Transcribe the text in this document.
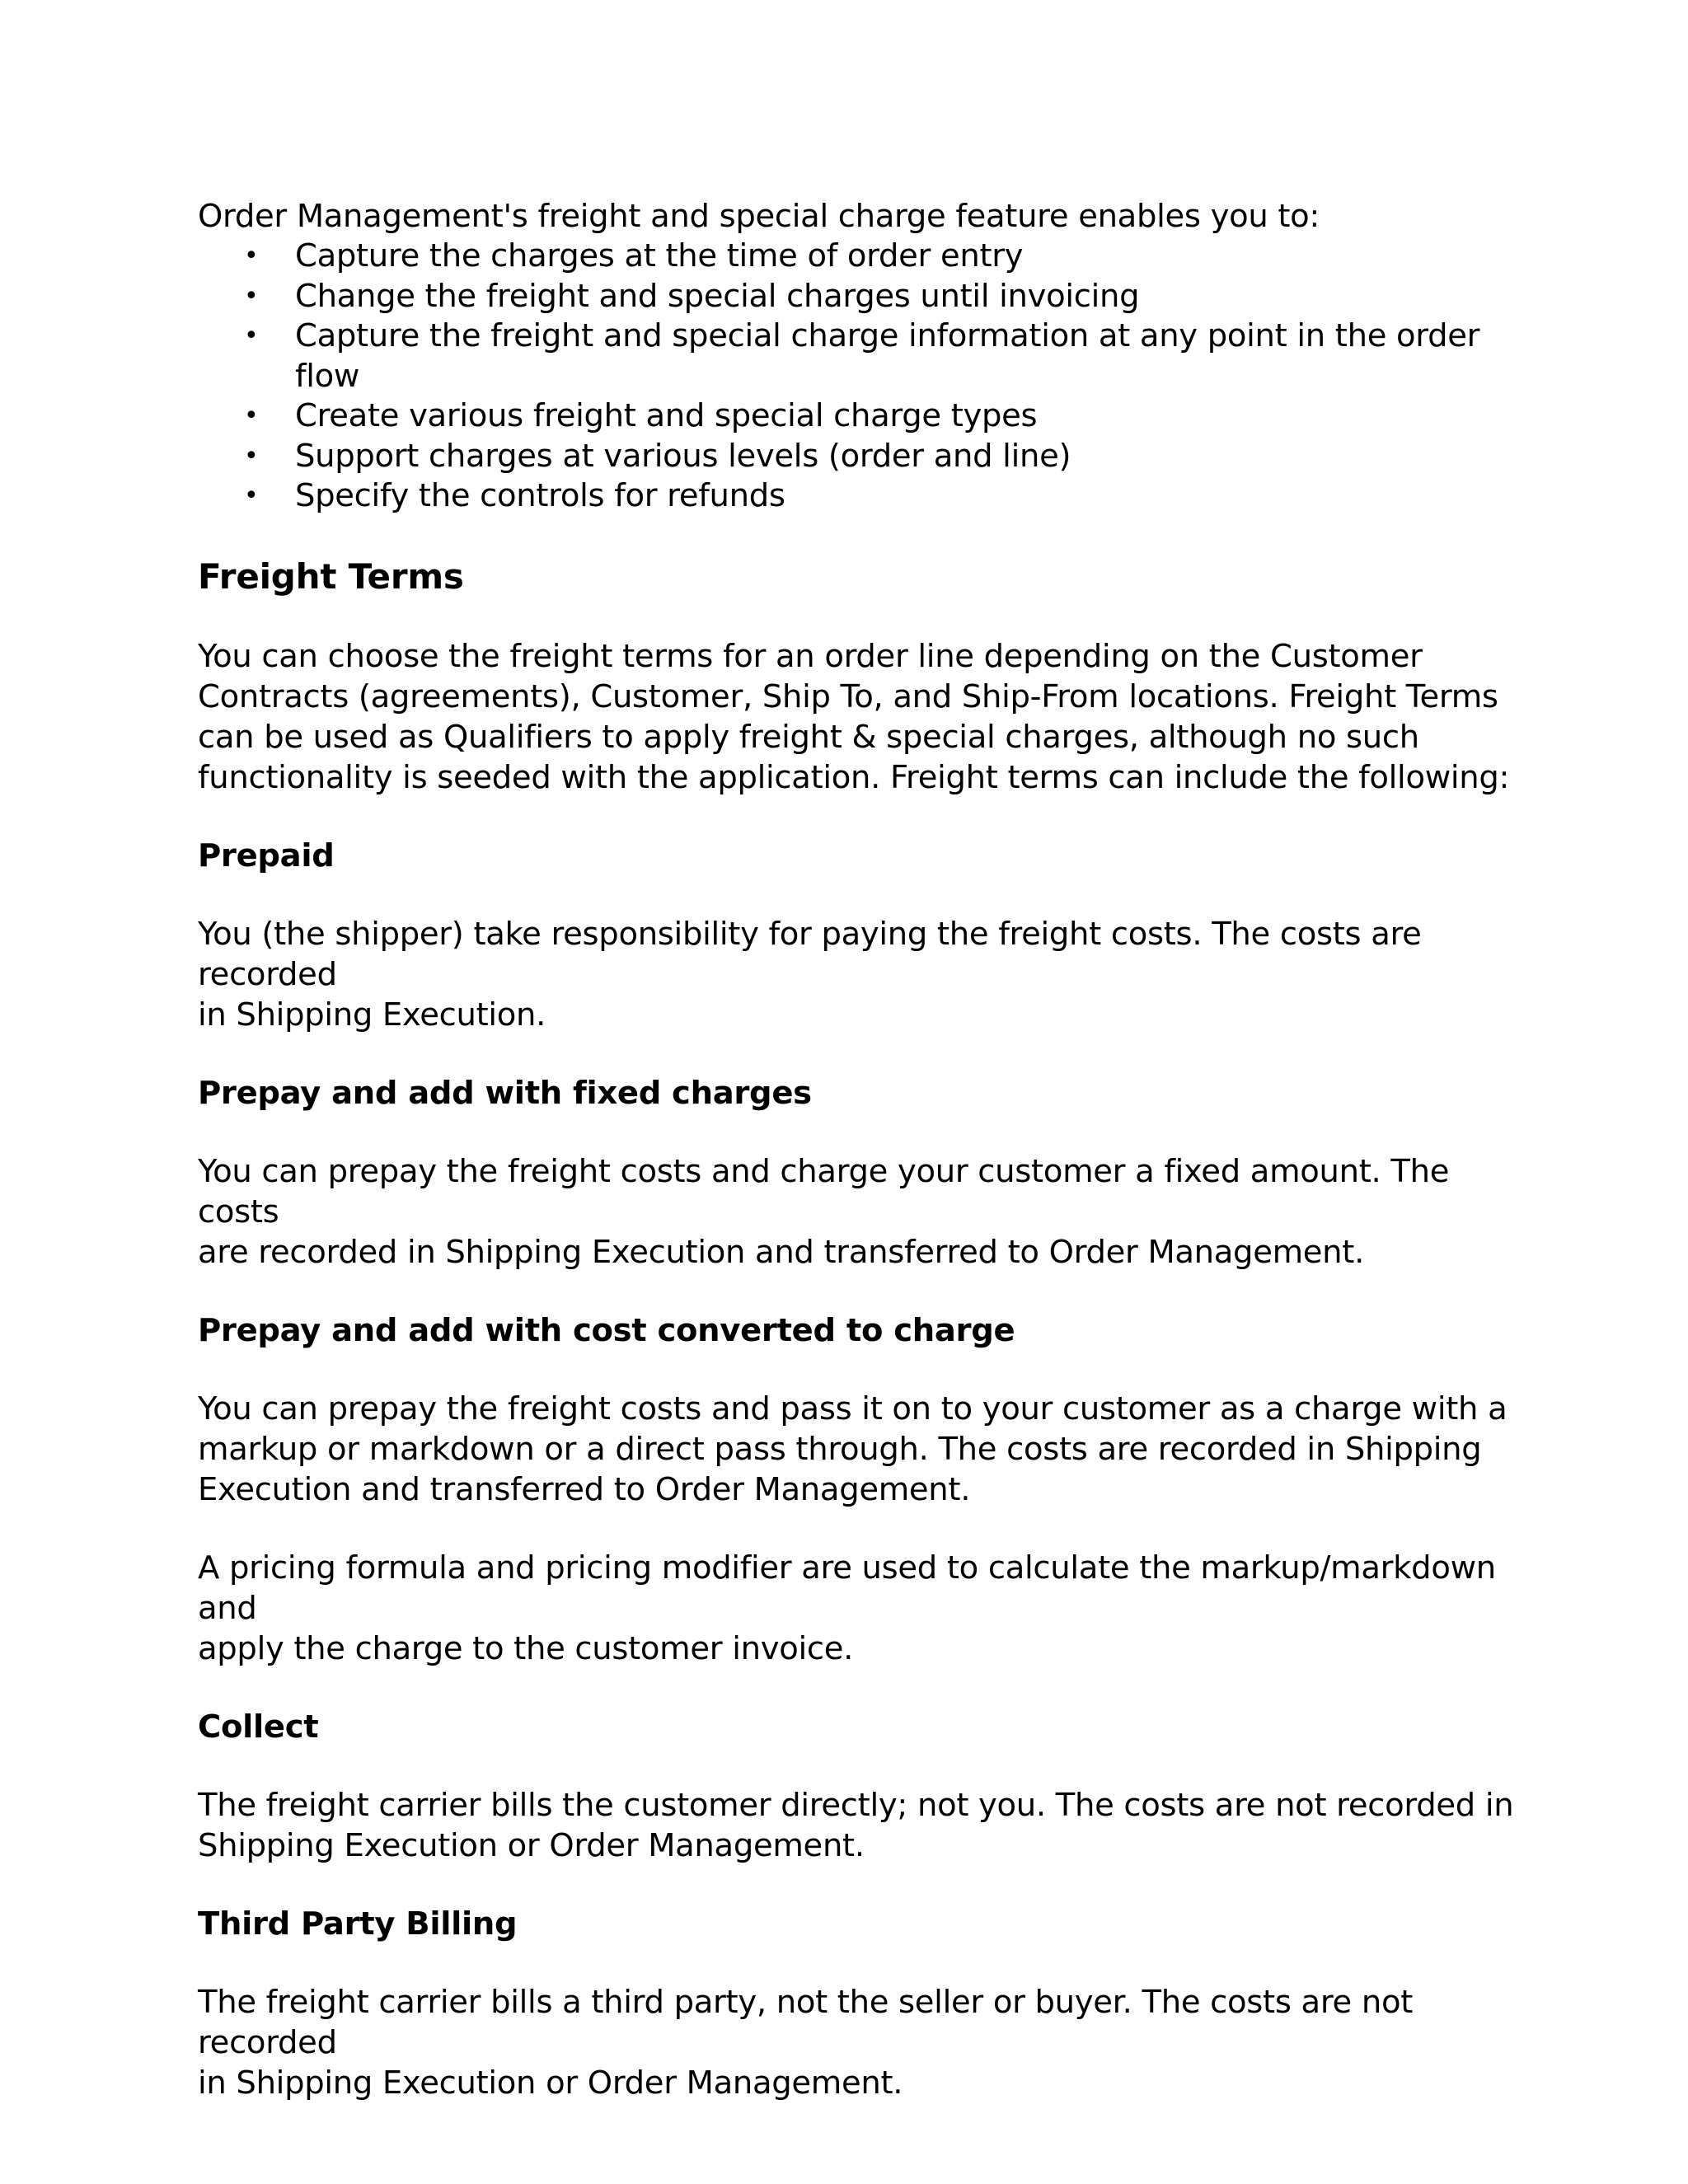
Order Management's freight and special charge feature enables you to:

• Capture the charges at the time of order entry
• Change the freight and special charges until invoicing
• Capture the freight and special charge information at any point in the order flow
• Create various freight and special charge types
• Support charges at various levels (order and line)
• Specify the controls for refunds
Freight Terms

You can choose the freight terms for an order line depending on the Customer
Contracts (agreements), Customer, Ship To, and Ship-From locations. Freight Terms
can be used as Qualifiers to apply freight & special charges, although no such
functionality is seeded with the application. Freight terms can include the following:

Prepaid

You (the shipper) take responsibility for paying the freight costs. The costs are recorded
in Shipping Execution.

Prepay and add with fixed charges

You can prepay the freight costs and charge your customer a fixed amount. The costs
are recorded in Shipping Execution and transferred to Order Management.

Prepay and add with cost converted to charge

You can prepay the freight costs and pass it on to your customer as a charge with a
markup or markdown or a direct pass through. The costs are recorded in Shipping
Execution and transferred to Order Management.

A pricing formula and pricing modifier are used to calculate the markup/markdown and
apply the charge to the customer invoice.

Collect

The freight carrier bills the customer directly; not you. The costs are not recorded in
Shipping Execution or Order Management.

Third Party Billing

The freight carrier bills a third party, not the seller or buyer. The costs are not recorded
in Shipping Execution or Order Management.
